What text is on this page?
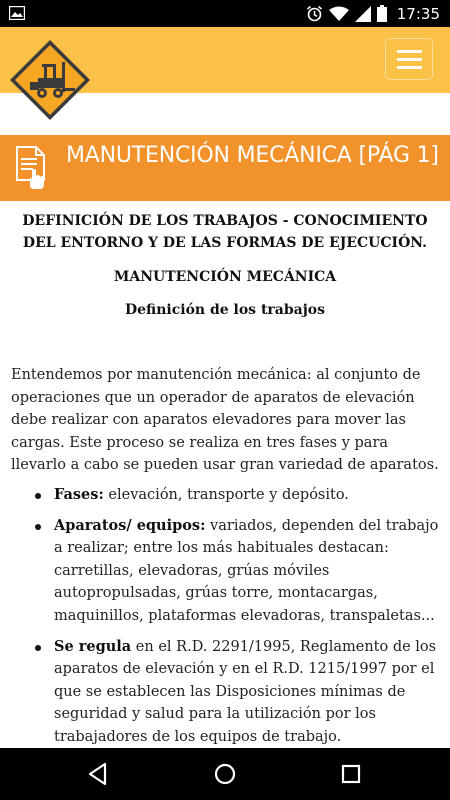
17:35
MANUTENCIÓN MECÁNICA [PÁG 1]
DEFINICIÓN DE LOS TRABAJOS - CONOCIMIENTO DEL ENTORNO Y DE LAS FORMAS DE EJECUCIÓN.
MANUTENCIÓN MECÁNICA
Definición de los trabajos

Entendemos por manutención mecánica: al conjunto de operaciones que un operador de aparatos de elevación debe realizar con aparatos elevadores para mover las cargas. Este proceso se realiza en tres fases y para llevarlo a cabo se pueden usar gran variedad de aparatos.

Fases: elevación, transporte y depósito.
Aparatos/ equipos: variados, dependen del trabajo a realizar; entre los más habituales destacan: carretillas, elevadoras, grúas móviles autopropulsadas, grúas torre, montacargas, maquinillos, plataformas elevadoras, transpaletas...
Se regula en el R.D. 2291/1995, Reglamento de los aparatos de elevación y en el R.D. 1215/1997 por el que se establecen las Disposiciones mínimas de seguridad y salud para la utilización por los trabajadores de los equipos de trabajo.
